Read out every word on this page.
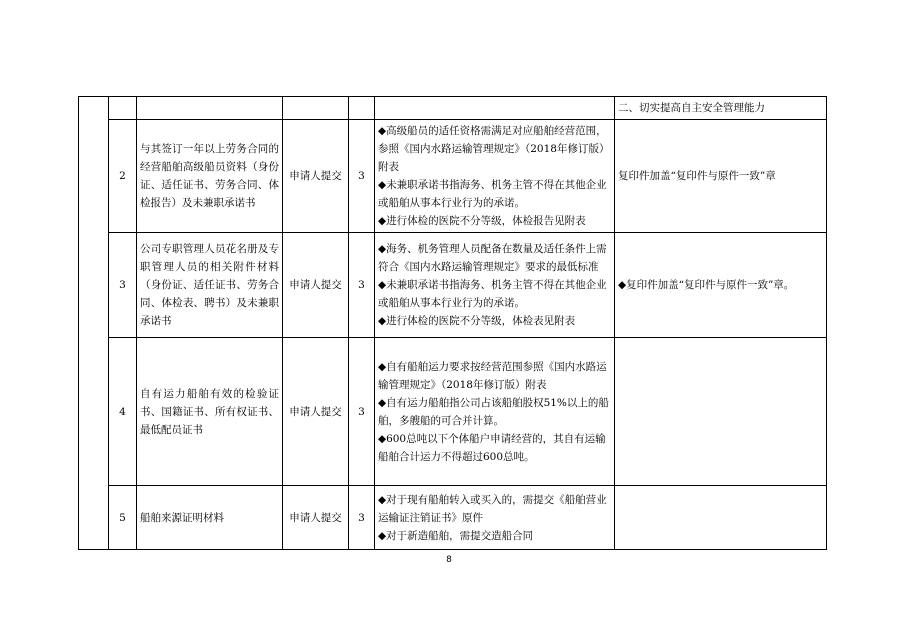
						二、切实提高自主安全管理能力
	2	与其签订一年以上劳务合同的经营船舶高级船员资料（身份证、适任证书、劳务合同、体检报告）及未兼职承诺书	申请人提交	3	◆高级船员的适任资格需满足对应船舶经营范围，参照《国内水路运输管理规定》（2018年修订版）附表
◆未兼职承诺书指海务、机务主管不得在其他企业或船舶从事本行业行为的承诺。
◆进行体检的医院不分等级，体检报告见附表	复印件加盖“复印件与原件一致”章
	3	公司专职管理人员花名册及专职管理人员的相关附件材料（身份证、适任证书、劳务合同、体检表、聘书）及未兼职承诺书	申请人提交	3	◆海务、机务管理人员配备在数量及适任条件上需符合《国内水路运输管理规定》要求的最低标准
◆未兼职承诺书指海务、机务主管不得在其他企业或船舶从事本行业行为的承诺。
◆进行体检的医院不分等级，体检表见附表	◆复印件加盖“复印件与原件一致”章。
	4	自有运力船舶有效的检验证书、国籍证书、所有权证书、最低配员证书	申请人提交	3	◆自有船舶运力要求按经营范围参照《国内水路运输管理规定》（2018年修订版）附表
◆自有运力船舶指公司占该船舶股权51%以上的船舶，多艘船的可合并计算。
◆600总吨以下个体船户申请经营的，其自有运输船舶合计运力不得超过600总吨。	

	5	船舶来源证明材料	申请人提交	3	◆对于现有船舶转入或买入的，需提交《船舶营业运输证注销证书》原件
◆对于新造船舶，需提交造船合同	

8
